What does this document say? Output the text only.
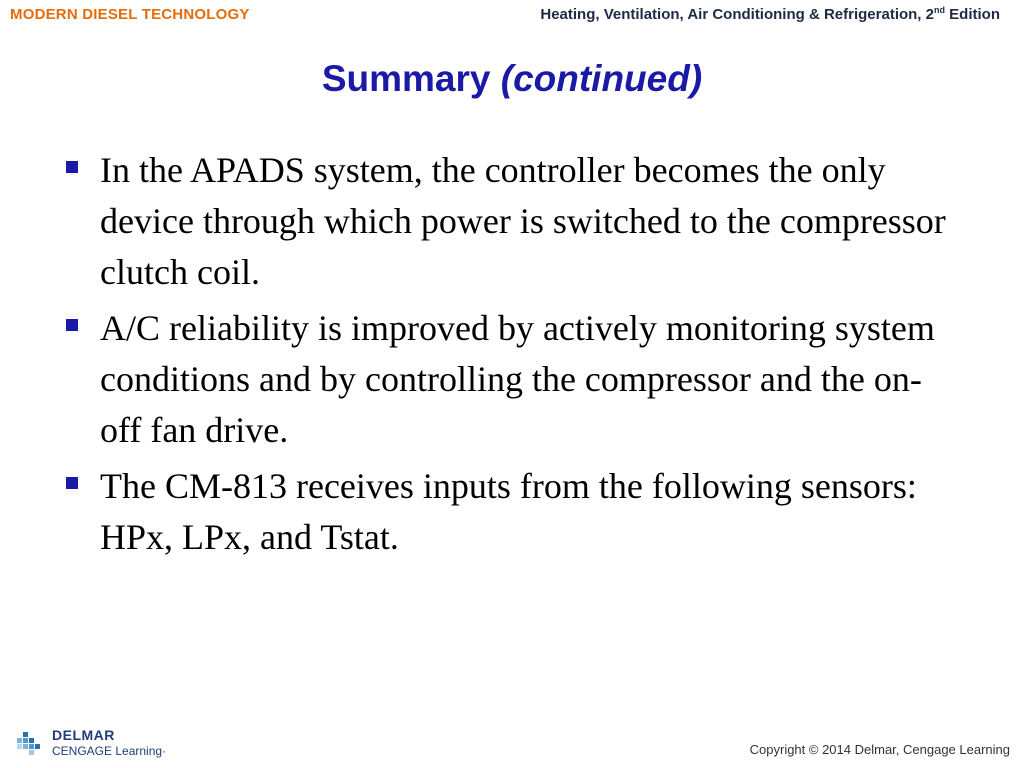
MODERN DIESEL TECHNOLOGY	Heating, Ventilation, Air Conditioning & Refrigeration, 2nd Edition
Summary (continued)
In the APADS system, the controller becomes the only device through which power is switched to the compressor clutch coil.
A/C reliability is improved by actively monitoring system conditions and by controlling the compressor and the on-off fan drive.
The CM-813 receives inputs from the following sensors: HPx, LPx, and Tstat.
DELMAR
CENGAGE Learning·	Copyright © 2014 Delmar, Cengage Learning
